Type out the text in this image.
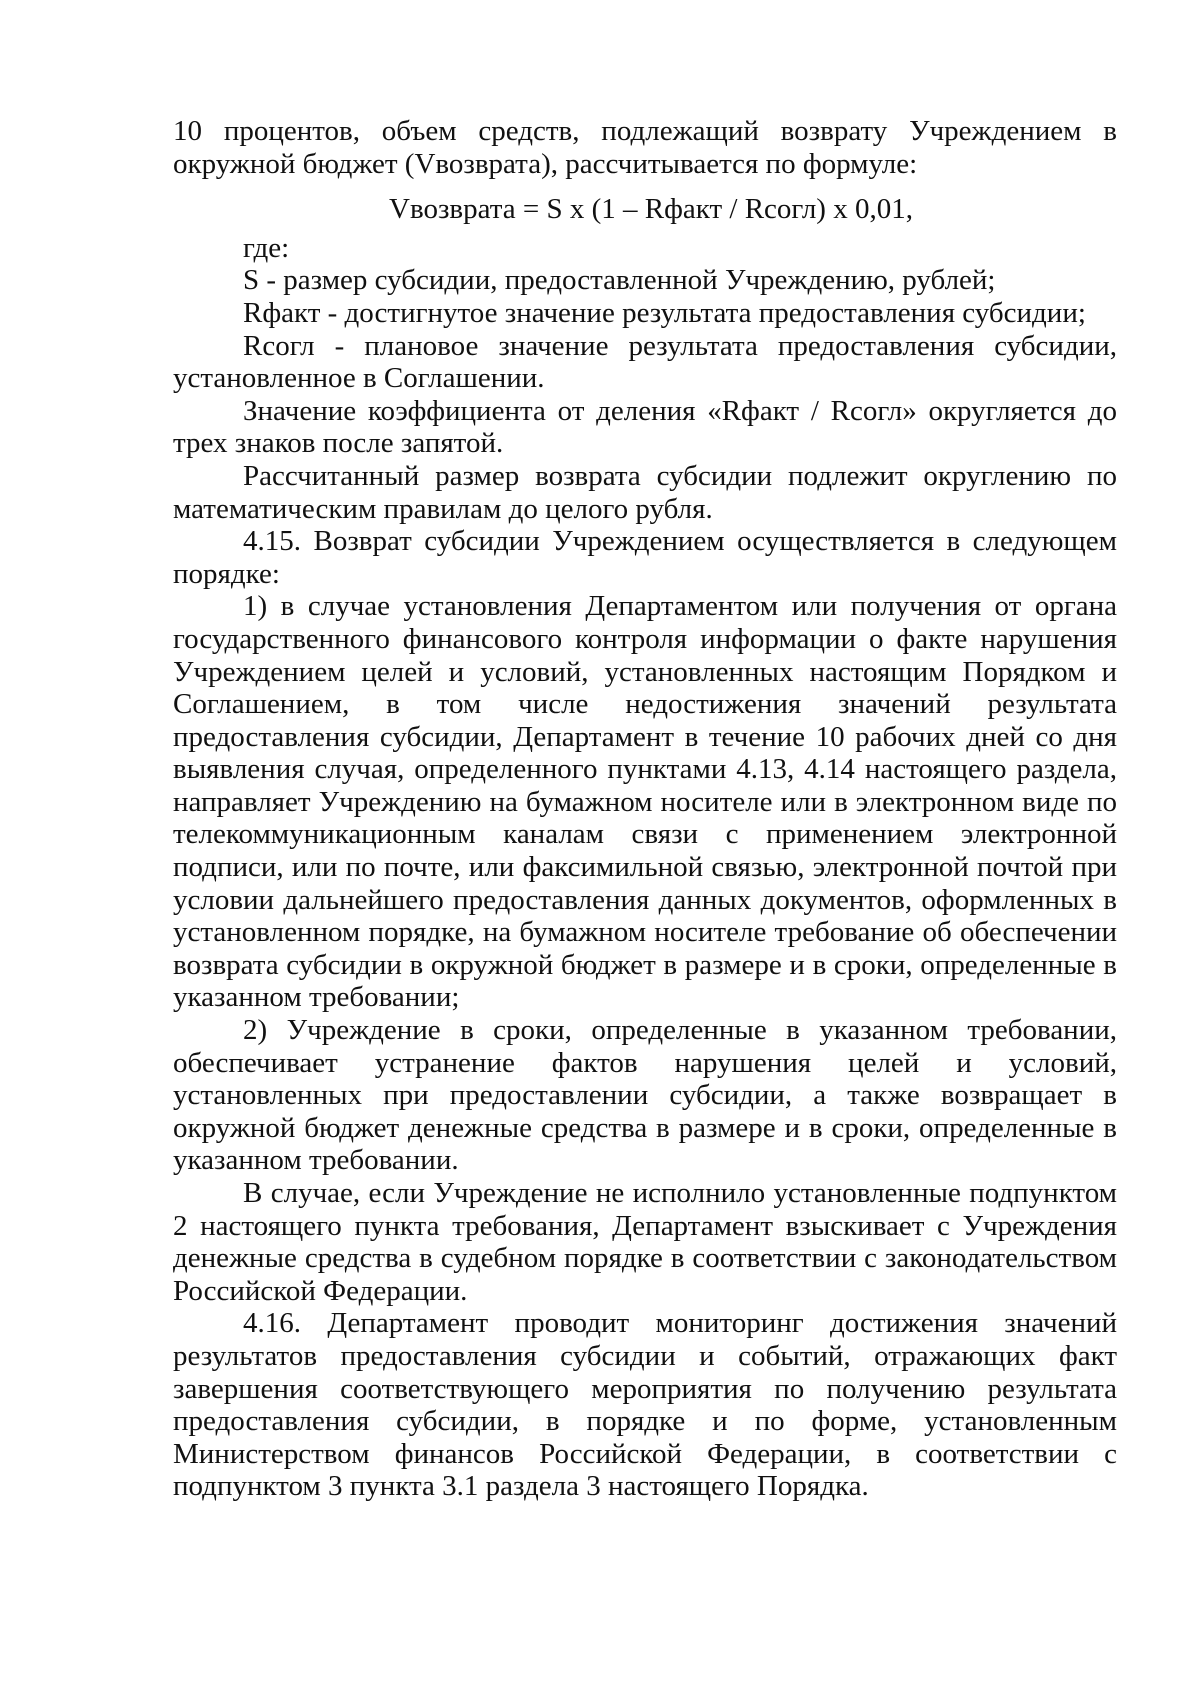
10 процентов, объем средств, подлежащий возврату Учреждением в окружной бюджет (Vвозврата), рассчитывается по формуле:

Vвозврата = S x (1 – Rфакт / Rсогл) x 0,01,

где:

S - размер субсидии, предоставленной Учреждению, рублей;

Rфакт - достигнутое значение результата предоставления субсидии;

Rсогл - плановое значение результата предоставления субсидии, установленное в Соглашении.

Значение коэффициента от деления «Rфакт / Rсогл» округляется до трех знаков после запятой.

Рассчитанный размер возврата субсидии подлежит округлению по математическим правилам до целого рубля.

4.15. Возврат субсидии Учреждением осуществляется в следующем порядке:

1) в случае установления Департаментом или получения от органа государственного финансового контроля информации о факте нарушения Учреждением целей и условий, установленных настоящим Порядком и Соглашением, в том числе недостижения значений результата предоставления субсидии, Департамент в течение 10 рабочих дней со дня выявления случая, определенного пунктами 4.13, 4.14 настоящего раздела, направляет Учреждению на бумажном носителе или в электронном виде по телекоммуникационным каналам связи с применением электронной подписи, или по почте, или факсимильной связью, электронной почтой при условии дальнейшего предоставления данных документов, оформленных в установленном порядке, на бумажном носителе требование об обеспечении возврата субсидии в окружной бюджет в размере и в сроки, определенные в указанном требовании;

2) Учреждение в сроки, определенные в указанном требовании, обеспечивает устранение фактов нарушения целей и условий, установленных при предоставлении субсидии, а также возвращает в окружной бюджет денежные средства в размере и в сроки, определенные в указанном требовании.

В случае, если Учреждение не исполнило установленные подпунктом 2 настоящего пункта требования, Департамент взыскивает с Учреждения денежные средства в судебном порядке в соответствии с законодательством Российской Федерации.

4.16. Департамент проводит мониторинг достижения значений результатов предоставления субсидии и событий, отражающих факт завершения соответствующего мероприятия по получению результата предоставления субсидии, в порядке и по форме, установленным Министерством финансов Российской Федерации, в соответствии с подпунктом 3 пункта 3.1 раздела 3 настоящего Порядка.
